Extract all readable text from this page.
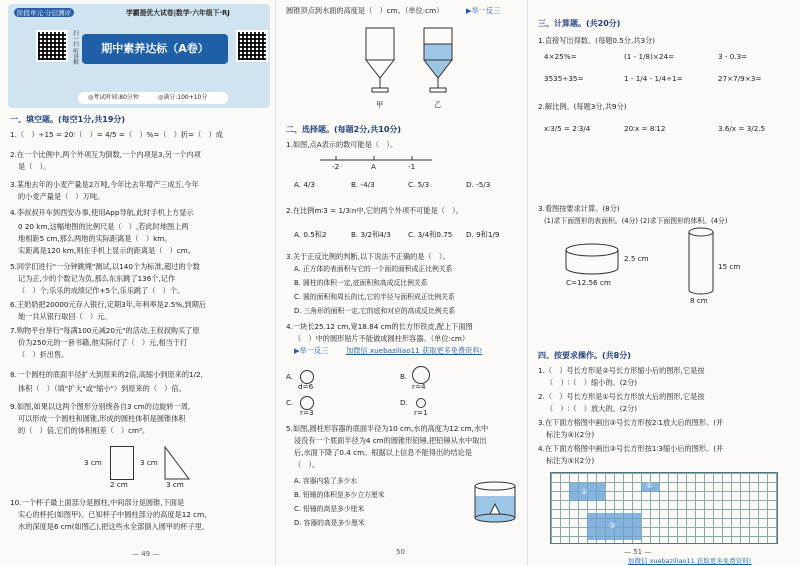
阶段单元·分层测评	学霸提优大试卷|数学·六年级下·RJ
扫一扫 听讲解	期中素养达标（A卷）
◎考试时间:80分钟	◎满分:100+10分
一、填空题。(每空1分,共19分)
1.（　）÷15 = 20∶（　）= 4/5 =（　）%=（　）折=（　）成
2.在一个比例中,两个外项互为倒数,一个内项是3,另一个内项
是（　）。
3.某地去年的小麦产量是2万吨,今年比去年增产三成五,今年
的小麦产量是（　）万吨。
4.李叔叔开车到西安办事,使用App导航,此时手机上方显示
0 20 km,这幅地图的比例尺是（　）,若此时地图上两
地相距5 cm,那么两地的实际距离是（　）km。
实距离是120 km,则在手机上显示的距离是（　）cm。
5.同学们进行"一分钟跳绳"测试,以140个为标准,超过的个数
记为正,少的个数记为负,那么东东跳了136个,记作
（　）个;乐乐的成绩记作+5个,乐乐跳了（　）个。
6.王奶奶把20000元存入银行,定期3年,年利率是2.5%,到期后
她一共从银行取回（　）元。
7.购物平台举行"每满100元减20元"的活动,王叔叔购买了原
价为250元的一套书籍,他实际付了（　）元,相当于打
（　）折出售。
8.一个圆柱的底面半径扩大到原来的2倍,高缩小到原来的1/2,
体积（　）（填"扩大"或"缩小"）到原来的（　）倍。
9.如图,如果以这两个图形分别绕各自3 cm的边旋转一周,
可以形成一个圆柱和圆锥,形成的圆柱体积是圆锥体积
的（　）倍,它们的体积相差（　）cm³。
3 cm
2 cm
3 cm
3 cm
10.一个杯子最上面部分是圆柱,中间部分是圆锥,下面是
实心的杯托(如图甲)。已知杯子中圆柱部分的高度是12 cm,
水的深度是6 cm(如图乙),把这些水全部倒入圆甲的杯子里,
— 49 —
圆锥顶点到水面的高度是（　）cm。（单位:cm）	▶举一反三
甲	乙
二、选择题。(每题2分,共10分)
1.如图,点A表示的数可能是（　）。
-2	A	-1
A. 4/3	B. -4/3	C. 5/3	D. -5/3
2.在比例m∶3 = 1/3∶n中,它的两个外项不可能是（　）。
A. 0.5和2	B. 3/2和4/3 C. 3/4和0.75 D. 9和1/9
3.关于正反比例的判断,以下说法不正确的是（　）。
A. 正方体的表面积与它的一个面的面积成正比例关系
B. 圆柱的体积一定,底面积和高成反比例关系
C. 圆的面积和周长的比,它的半径与面积成正比例关系
D. 三角形的面积一定,它的底和对应的高成反比例关系
4.一块长25.12 cm,宽18.84 cm的长方形铁皮,配上下面图
（　）中的圆形贴片不能做成圆柱形容器。（单位:cm）
▶举一反三 加微信 xuebaziliao11 获取更多免费资料!
A.
d=6
B.
r=4
C.
r=3
D.
r=1
5.如图,圆柱形容器的底面半径为10 cm,水的高度为12 cm,水中
浸没有一个底面半径为4 cm的圆锥形铅锤,把铅锤从水中取出
后,水面下降了0.4 cm。根据以上信息不能得出的结论是
（　）。
A. 容器内装了多少水
B. 铅锤的体积是多少立方厘米
C. 铅锤的高是多少厘米
D. 容器的高是多少厘米
50
三、计算题。(共20分)
1.直接写出得数。(每题0.5分,共3分)
4×25%=	(1 - 1/8)×24=	3 - 0.3=
3535÷35=	1 - 1/4 - 1/4÷1=	27×7/9×3=
2.解比例。(每题3分,共9分)
x∶3/5 = 2∶3/4	20∶x = 8∶12	3.6/x = 3/2.5
3.看图按要求计算。(8分)
(1)求下面图形的表面积。(4分) (2)求下面图形的体积。(4分)
2.5 cm
C=12.56 cm
15 cm
8 cm
四、按要求操作。(共8分)
1.（　）号长方形是②号长方形缩小后的图形,它是按
（　）∶（　）缩小的。(2分)
2.（　）号长方形是①号长方形放大后的图形,它是按
（　）∶（　）放大的。(2分)
3.在下面方格图中画出③号长方形按2∶1放大后的图形。(并
标注为④)(2分)
4.在下面方格图中画出③号长方形按1∶3缩小后的图形。(并
标注为⑤)(2分)
①
②
③
— 51 —
加微信 xuebaziliao11 获取更多免费资料!
